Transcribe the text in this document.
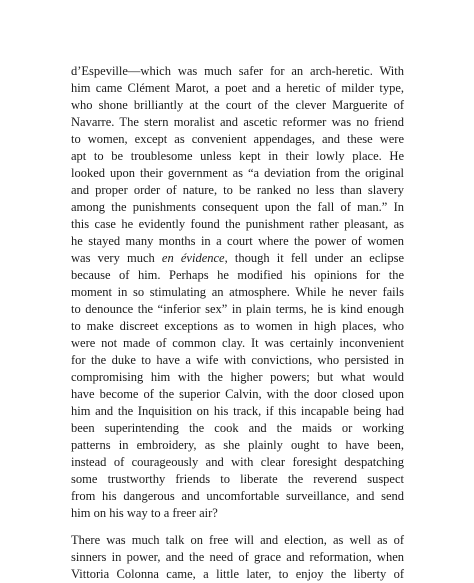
d’Espeville—which was much safer for an arch-heretic. With
him came Clément Marot, a poet and a heretic of milder type,
who shone brilliantly at the court of the clever Marguerite of
Navarre. The stern moralist and ascetic reformer was no friend
to women, except as convenient appendages, and these were
apt to be troublesome unless kept in their lowly place. He
looked upon their government as “a deviation from the original
and proper order of nature, to be ranked no less than slavery
among the punishments consequent upon the fall of man.” In
this case he evidently found the punishment rather pleasant, as
he stayed many months in a court where the power of women
was very much en évidence, though it fell under an eclipse
because of him. Perhaps he modified his opinions for the
moment in so stimulating an atmosphere. While he never fails
to denounce the “inferior sex” in plain terms, he is kind enough
to make discreet exceptions as to women in high places, who
were not made of common clay. It was certainly inconvenient
for the duke to have a wife with convictions, who persisted in
compromising him with the higher powers; but what would
have become of the superior Calvin, with the door closed upon
him and the Inquisition on his track, if this incapable being had
been superintending the cook and the maids or working
patterns in embroidery, as she plainly ought to have been,
instead of courageously and with clear foresight despatching
some trustworthy friends to liberate the reverend suspect
from his dangerous and uncomfortable surveillance, and send
him on his way to a freer air?

There was much talk on free will and election, as well as of
sinners in power, and the need of grace and reformation, when
Vittoria Colonna came, a little later, to enjoy the liberty of
